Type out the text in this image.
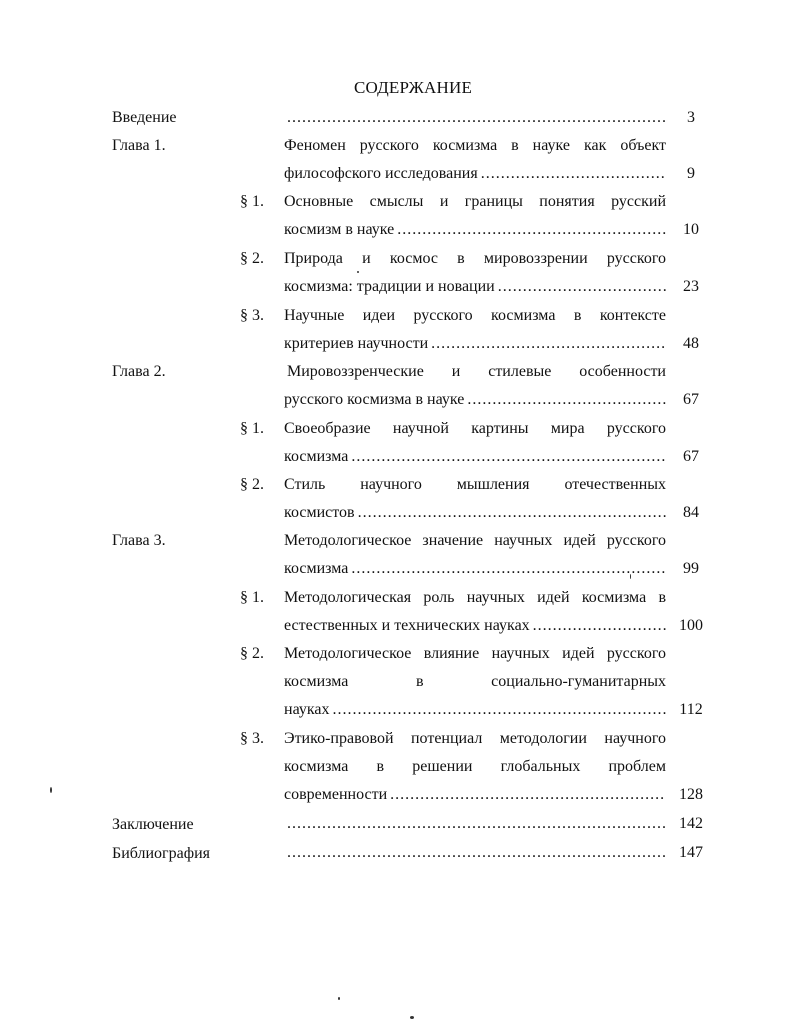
СОДЕРЖАНИЕ
Введение .....	3
Глава 1.	Феномен русского космизма в науке как объект
философского исследования .....	9
§ 1. Основные смыслы и границы понятия русский
космизм в науке .....	10
§ 2. Природа и космос в мировоззрении русского
космизма: традиции и новации .....	23
§ 3. Научные идеи русского космизма в контексте
критериев научности .....	48
Глава 2.	Мировоззренческие и стилевые особенности
русского космизма в науке .....	67
§ 1. Своеобразие научной картины мира русского
космизма .....	67
§ 2. Стиль научного мышления отечественных
космистов .....	84
Глава 3.	Методологическое значение научных идей русского
космизма .....	99
§ 1. Методологическая роль научных идей космизма в
естественных и технических науках .....	100
§ 2. Методологическое влияние научных идей русского
космизма в социально-гуманитарных
науках .....	112
§ 3. Этико-правовой потенциал методологии научного
космизма в решении глобальных проблем
современности .....	128
Заключение .....	142
Библиография .....	147
